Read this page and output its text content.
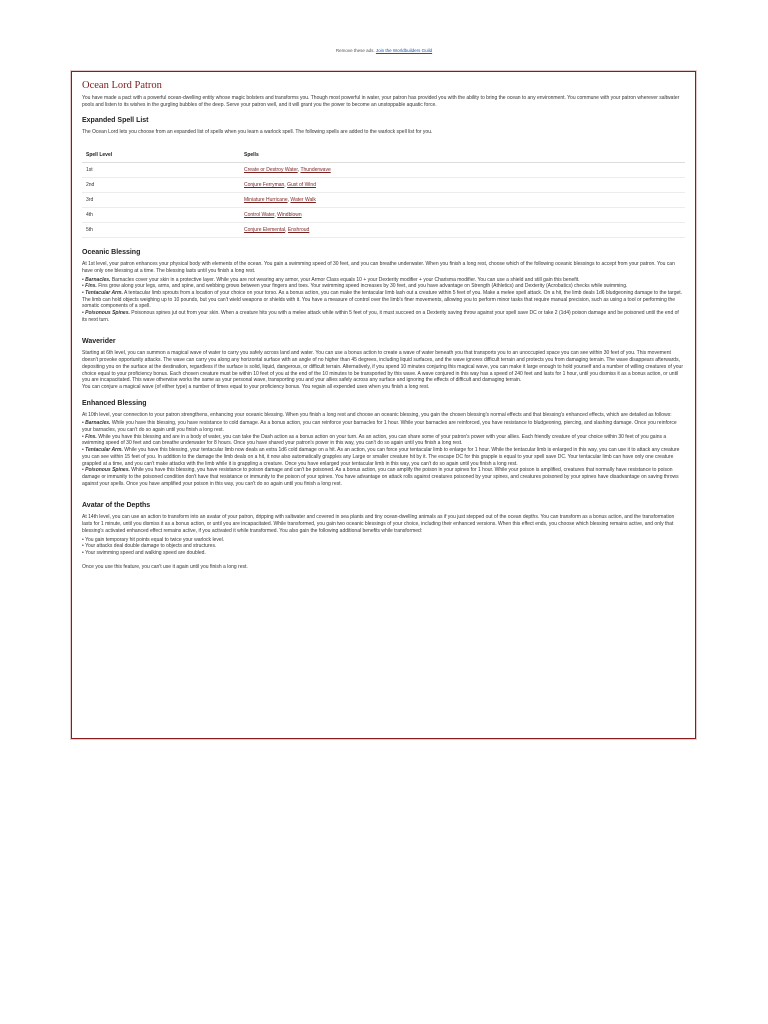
Remove these ads. Join the Worldbuilders Guild
Ocean Lord Patron

You have made a pact with a powerful ocean-dwelling entity whose magic bolsters and transforms you. Though most powerful in water, your patron has provided you with the ability to bring the ocean to any environment. You commune with your patron wherever saltwater pools and listen to its wishes in the gurgling bubbles of the deep. Serve your patron well, and it will grant you the power to become an unstoppable aquatic force.

Expanded Spell List

The Ocean Lord lets you choose from an expanded list of spells when you learn a warlock spell. The following spells are added to the warlock spell list for you.

Spell Level	Spells
1st	Create or Destroy Water, Thunderwave
2nd	Conjure Ferryman, Gust of Wind
3rd	Miniature Hurricane, Water Walk
4th	Control Water, Windblown
5th	Conjure Elemental, Enshroud
Oceanic Blessing

At 1st level, your patron enhances your physical body with elements of the ocean. You gain a swimming speed of 30 feet, and you can breathe underwater. When you finish a long rest, choose which of the following oceanic blessings to accept from your patron. You can have only one blessing at a time. The blessing lasts until you finish a long rest.

• Barnacles. Barnacles cover your skin in a protective layer. While you are not wearing any armor, your Armor Class equals 10 + your Dexterity modifier + your Charisma modifier. You can use a shield and still gain this benefit.
• Fins. Fins grow along your legs, arms, and spine, and webbing grows between your fingers and toes. Your swimming speed increases by 30 feet, and you have advantage on Strength (Athletics) and Dexterity (Acrobatics) checks while swimming.
• Tentacular Arm. A tentacular limb sprouts from a location of your choice on your torso. As a bonus action, you can make the tentacular limb lash out a creature within 5 feet of you. Make a melee spell attack. On a hit, the limb deals 1d6 bludgeoning damage to the target. The limb can hold objects weighing up to 10 pounds, but you can't wield weapons or shields with it. You have a measure of control over the limb's finer movements, allowing you to perform minor tasks that require manual precision, such as using a tool or performing the somatic components of a spell.
• Poisonous Spines. Poisonous spines jut out from your skin. When a creature hits you with a melee attack while within 5 feet of you, it must succeed on a Dexterity saving throw against your spell save DC or take 2 (1d4) poison damage and be poisoned until the end of its next turn.
Waverider

Starting at 6th level, you can summon a magical wave of water to carry you safely across land and water. You can use a bonus action to create a wave of water beneath you that transports you to an unoccupied space you can see within 30 feet of you. This movement doesn't provoke opportunity attacks. The wave can carry you along any horizontal surface with an angle of no higher than 45 degrees, including liquid surfaces, and the wave ignores difficult terrain and protects you from damaging terrain. The wave disappears afterwards, depositing you on the surface at the destination, regardless if the surface is solid, liquid, dangerous, or difficult terrain. Alternatively, if you spend 10 minutes conjuring this magical wave, you can make it large enough to hold yourself and a number of willing creatures of your choice equal to your proficiency bonus. Each chosen creature must be within 10 feet of you at the end of the 10 minutes to be transported by this wave. A wave conjured in this way has a speed of 240 feet and lasts for 1 hour, until you dismiss it as a bonus action, or until you are incapacitated. This wave otherwise works the same as your personal wave, transporting you and your allies safely across any surface and ignoring the effects of difficult and damaging terrain.

You can conjure a magical wave (of either type) a number of times equal to your proficiency bonus. You regain all expended uses when you finish a long rest.

Enhanced Blessing

At 10th level, your connection to your patron strengthens, enhancing your oceanic blessing. When you finish a long rest and choose an oceanic blessing, you gain the chosen blessing's normal effects and that blessing's enhanced effects, which are detailed as follows:

• Barnacles. While you have this blessing, you have resistance to cold damage. As a bonus action, you can reinforce your barnacles for 1 hour. While your barnacles are reinforced, you have resistance to bludgeoning, piercing, and slashing damage. Once you reinforce your barnacles, you can't do so again until you finish a long rest.
• Fins. While you have this blessing and are in a body of water, you can take the Dash action as a bonus action on your turn. As an action, you can share some of your patron's power with your allies. Each friendly creature of your choice within 30 feet of you gains a swimming speed of 30 feet and can breathe underwater for 8 hours. Once you have shared your patron's power in this way, you can't do so again until you finish a long rest.
• Tentacular Arm. While you have this blessing, your tentacular limb now deals an extra 1d6 cold damage on a hit. As an action, you can force your tentacular limb to enlarge for 1 hour. While the tentacular limb is enlarged in this way, you can use it to attack any creature you can see within 15 feet of you. In addition to the damage the limb deals on a hit, it now also automatically grapples any Large or smaller creature hit by it. The escape DC for this grapple is equal to your spell save DC. Your tentacular limb can have only one creature grappled at a time, and you can't make attacks with the limb while it is grappling a creature. Once you have enlarged your tentacular limb in this way, you can't do so again until you finish a long rest.
• Poisonous Spines. While you have this blessing, you have resistance to poison damage and can't be poisoned. As a bonus action, you can amplify the poison in your spines for 1 hour. While your poison is amplified, creatures that normally have resistance to poison damage or immunity to the poisoned condition don't have that resistance or immunity to the poison of your spines. You have advantage on attack rolls against creatures poisoned by your spines, and creatures poisoned by your spines have disadvantage on saving throws against your spells. Once you have amplified your poison in this way, you can't do so again until you finish a long rest.
Avatar of the Depths

At 14th level, you can use an action to transform into an avatar of your patron, dripping with saltwater and covered in sea plants and tiny ocean-dwelling animals as if you just stepped out of the ocean depths. You can transform as a bonus action, and the transformation lasts for 1 minute, until you dismiss it as a bonus action, or until you are incapacitated. While transformed, you gain two oceanic blessings of your choice, including their enhanced versions. When this effect ends, you choose which blessing remains active, and only that blessing's activated enhanced effect remains active, if you activated it while transformed. You also gain the following additional benefits while transformed:

• You gain temporary hit points equal to twice your warlock level.
• Your attacks deal double damage to objects and structures.
• Your swimming speed and walking speed are doubled.

Once you use this feature, you can't use it again until you finish a long rest.
